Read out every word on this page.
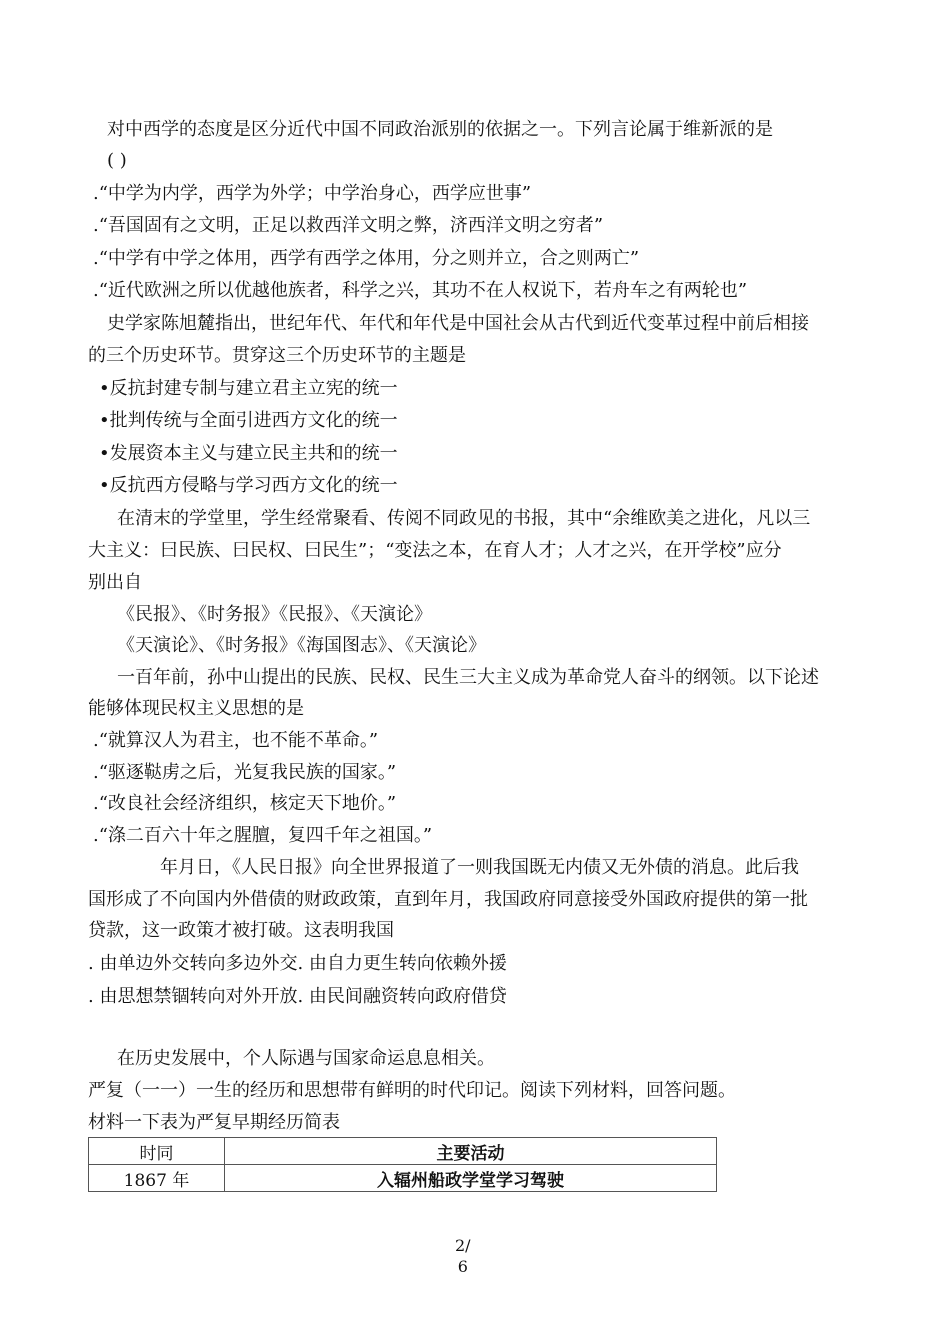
对中西学的态度是区分近代中国不同政治派别的依据之一。下列言论属于维新派的是
( )
.“中学为内学，西学为外学；中学治身心，西学应世事”
.“吾国固有之文明，正足以救西洋文明之弊，济西洋文明之穷者”
.“中学有中学之体用，西学有西学之体用，分之则并立，合之则两亡”
.“近代欧洲之所以优越他族者，科学之兴，其功不在人权说下，若舟车之有两轮也”
史学家陈旭麓指出，世纪年代、年代和年代是中国社会从古代到近代变革过程中前后相接
的三个历史环节。贯穿这三个历史环节的主题是
•反抗封建专制与建立君主立宪的统一
•批判传统与全面引进西方文化的统一
•发展资本主义与建立民主共和的统一
•反抗西方侵略与学习西方文化的统一
在清末的学堂里，学生经常聚看、传阅不同政见的书报，其中“余维欧美之进化，凡以三
大主义：曰民族、曰民权、曰民生”；“变法之本，在育人才；人才之兴，在开学校”应分
别出自
《民报》、《时务报》《民报》、《天演论》
《天演论》、《时务报》《海国图志》、《天演论》
一百年前，孙中山提出的民族、民权、民生三大主义成为革命党人奋斗的纲领。以下论述
能够体现民权主义思想的是
.“就算汉人为君主，也不能不革命。”
.“驱逐鞑虏之后，光复我民族的国家。”
.“改良社会经济组织，核定天下地价。”
.“涤二百六十年之腥膻，复四千年之祖国。”
年月日，《人民日报》向全世界报道了一则我国既无内债又无外债的消息。此后我
国形成了不向国内外借债的财政政策，直到年月，我国政府同意接受外国政府提供的第一批
贷款，这一政策才被打破。这表明我国
. 由单边外交转向多边外交. 由自力更生转向依赖外援
. 由思想禁锢转向对外开放. 由民间融资转向政府借贷
在历史发展中，个人际遇与国家命运息息相关。
严复（一一）一生的经历和思想带有鲜明的时代印记。阅读下列材料，回答问题。
材料一下表为严复早期经历简表
时同	主要活动
1867 年	入辐州船政学堂学习驾驶
2/
6
